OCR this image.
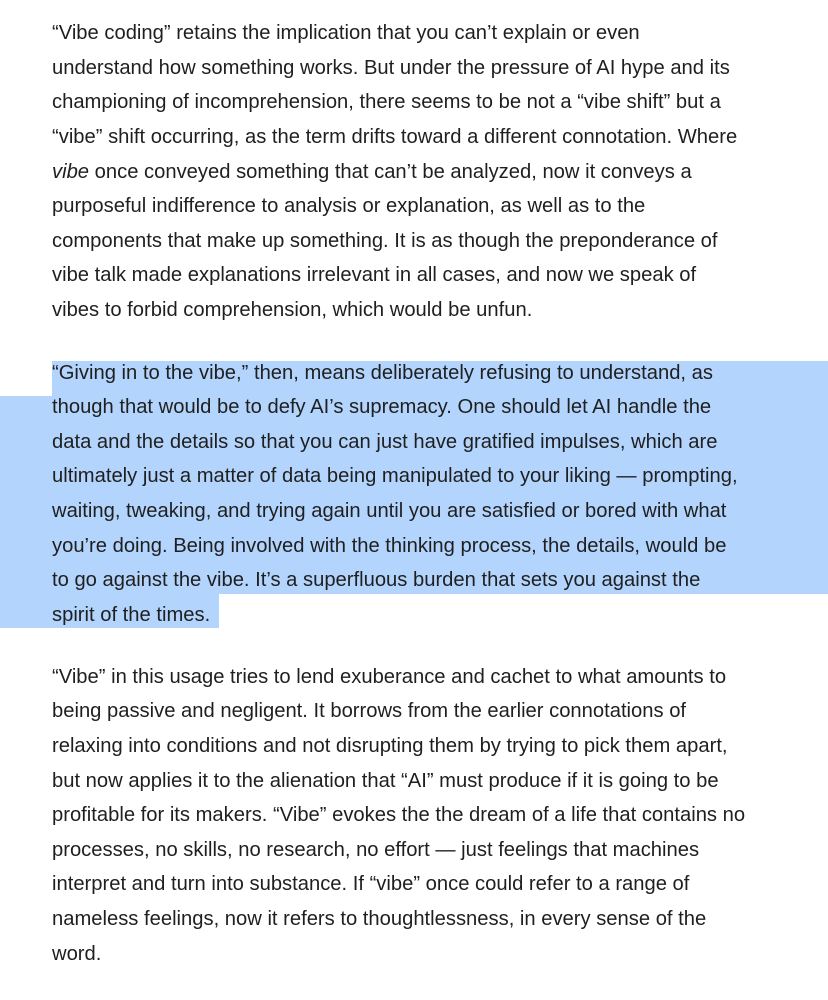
“Vibe coding” retains the implication that you can’t explain or even
understand how something works. But under the pressure of AI hype and its
championing of incomprehension, there seems to be not a “vibe shift” but a
“vibe” shift occurring, as the term drifts toward a different connotation. Where
vibe once conveyed something that can’t be analyzed, now it conveys a
purposeful indifference to analysis or explanation, as well as to the
components that make up something. It is as though the preponderance of
vibe talk made explanations irrelevant in all cases, and now we speak of
vibes to forbid comprehension, which would be unfun.
“Giving in to the vibe,” then, means deliberately refusing to understand, as
though that would be to defy AI’s supremacy. One should let AI handle the
data and the details so that you can just have gratified impulses, which are
ultimately just a matter of data being manipulated to your liking — prompting,
waiting, tweaking, and trying again until you are satisfied or bored with what
you’re doing. Being involved with the thinking process, the details, would be
to go against the vibe. It’s a superfluous burden that sets you against the
spirit of the times.
“Vibe” in this usage tries to lend exuberance and cachet to what amounts to
being passive and negligent. It borrows from the earlier connotations of
relaxing into conditions and not disrupting them by trying to pick them apart,
but now applies it to the alienation that “AI” must produce if it is going to be
profitable for its makers. “Vibe” evokes the the dream of a life that contains no
processes, no skills, no research, no effort — just feelings that machines
interpret and turn into substance. If “vibe” once could refer to a range of
nameless feelings, now it refers to thoughtlessness, in every sense of the
word.
